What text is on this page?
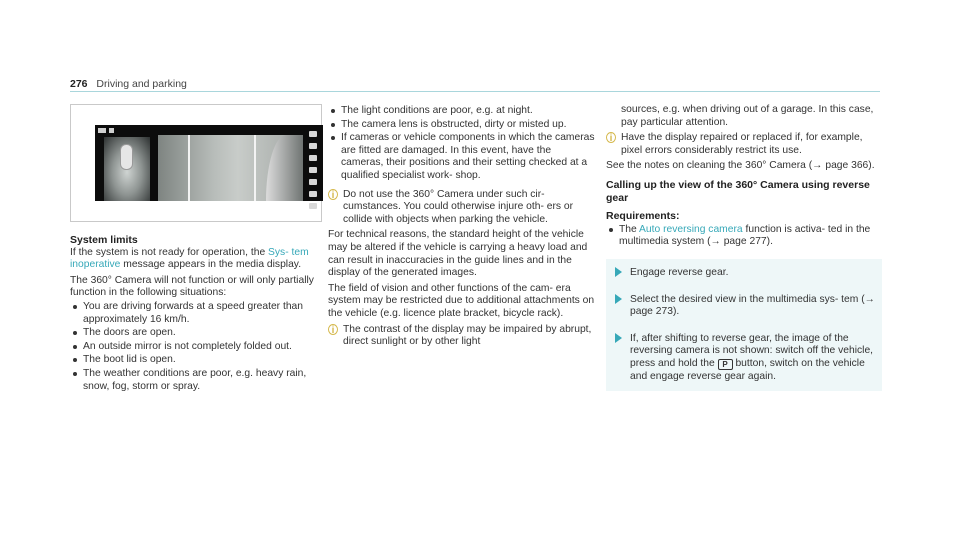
276 Driving and parking
System limits

If the system is not ready for operation, the Sys‐ tem inoperative message appears in the media display.

The 360° Camera will not function or will only partially function in the following situations:

You are driving forwards at a speed greater than approximately 16 km/h.
The doors are open.
An outside mirror is not completely folded out.
The boot lid is open.
The weather conditions are poor, e.g. heavy rain, snow, fog, storm or spray.
The light conditions are poor, e.g. at night.
The camera lens is obstructed, dirty or misted up.
If cameras or vehicle components in which the cameras are fitted are damaged. In this event, have the cameras, their positions and their setting checked at a qualified specialist work‐ shop.
i Do not use the 360° Camera under such cir‐ cumstances. You could otherwise injure oth‐ ers or collide with objects when parking the vehicle.

For technical reasons, the standard height of the vehicle may be altered if the vehicle is carrying a heavy load and can result in inaccuracies in the guide lines and in the display of the generated images.

The field of vision and other functions of the cam‐ era system may be restricted due to additional attachments on the vehicle (e.g. licence plate bracket, bicycle rack).

i The contrast of the display may be impaired by abrupt, direct sunlight or by other light

sources, e.g. when driving out of a garage. In this case, pay particular attention.

i Have the display repaired or replaced if, for example, pixel errors considerably restrict its use.

See the notes on cleaning the 360° Camera (→ page 366).

Calling up the view of the 360° Camera using reverse gear
Requirements:
The Auto reversing camera function is activa‐ ted in the multimedia system (→ page 277).
Engage reverse gear.
Select the desired view in the multimedia sys‐ tem (→ page 273).
If, after shifting to reverse gear, the image of the reversing camera is not shown: switch off the vehicle, press and hold the P button, switch on the vehicle and engage reverse gear again.
